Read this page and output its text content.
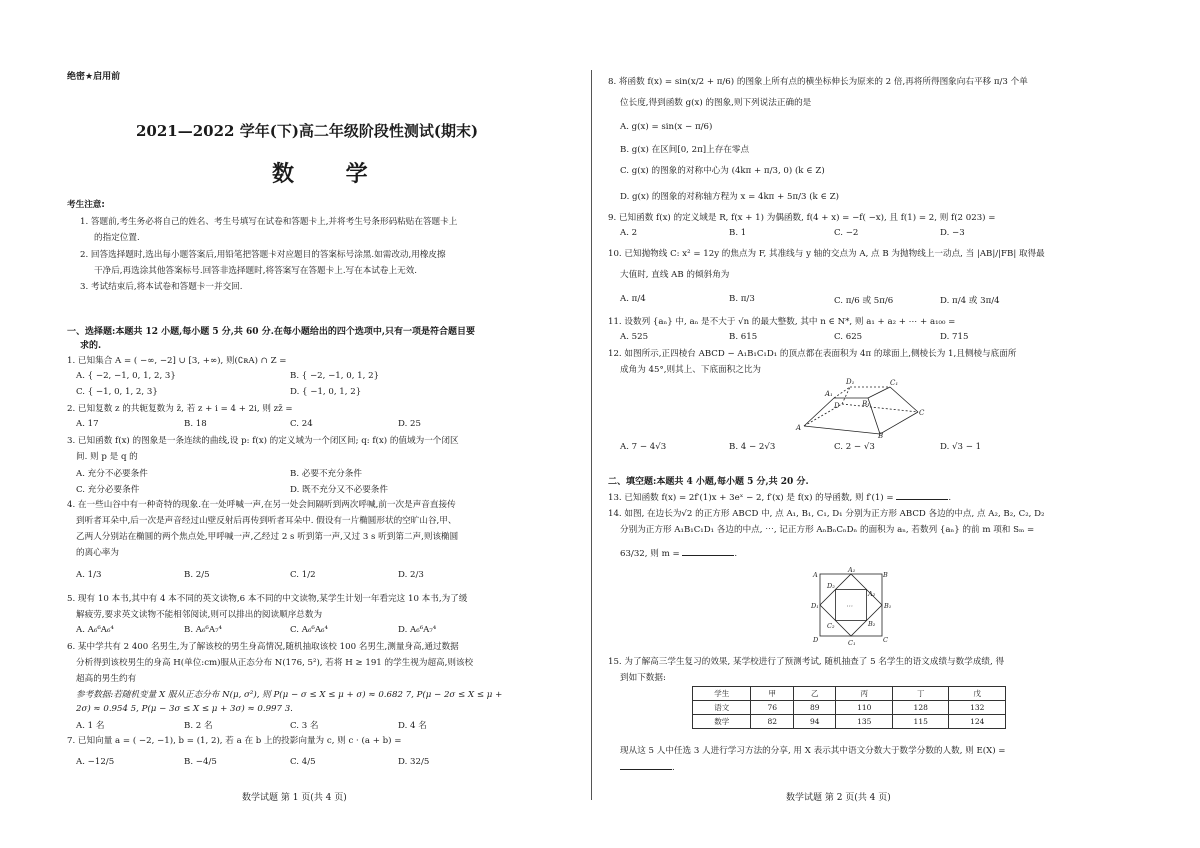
绝密★启用前
2021—2022 学年(下)高二年级阶段性测试(期末)
数 学
考生注意:
1. 答题前,考生务必将自己的姓名、考生号填写在试卷和答题卡上,并将考生号条形码粘贴在答题卡上
的指定位置.
2. 回答选择题时,选出每小题答案后,用铅笔把答题卡对应题目的答案标号涂黑.如需改动,用橡皮擦
干净后,再选涂其他答案标号.回答非选择题时,将答案写在答题卡上.写在本试卷上无效.
3. 考试结束后,将本试卷和答题卡一并交回.
一、选择题:本题共 12 小题,每小题 5 分,共 60 分.在每小题给出的四个选项中,只有一项是符合题目要
求的.
1. 已知集合 A = ( −∞, −2] ∪ [3, +∞), 则(∁ʀA) ∩ Z =
A. { −2, −1, 0, 1, 2, 3}	B. { −2, −1, 0, 1, 2}
C. { −1, 0, 1, 2, 3}	D. { −1, 0, 1, 2}
2. 已知复数 z 的共轭复数为 z̄, 若 z + i = 4 + 2i, 则 zz̄ =
A. 17	B. 18	C. 24	D. 25
3. 已知函数 f(x) 的图象是一条连续的曲线,设 p: f(x) 的定义域为一个闭区间; q: f(x) 的值域为一个闭区
间. 则 p 是 q 的
A. 充分不必要条件	B. 必要不充分条件
C. 充分必要条件	D. 既不充分又不必要条件
4. 在一些山谷中有一种奇特的现象.在一处呼喊一声,在另一处会间隔听到两次呼喊,前一次是声音直接传
到听者耳朵中,后一次是声音经过山壁反射后再传到听者耳朵中. 假设有一片椭圆形状的空旷山谷,甲、
乙两人分别站在椭圆的两个焦点处,甲呼喊一声,乙经过 2 s 听到第一声,又过 3 s 听到第二声,则该椭圆
的离心率为
A. 1/3	B. 2/5	C. 1/2	D. 2/3
5. 现有 10 本书,其中有 4 本不同的英文读物,6 本不同的中文读物,某学生计划一年看完这 10 本书,为了缓
解疲劳,要求英文读物不能相邻阅读,则可以排出的阅读顺序总数为
A. A₆⁶A₆⁴	B. A₆⁶A₇⁴	C. A₆⁶A₆⁴	D. A₆⁶A₇⁴
6. 某中学共有 2 400 名男生,为了解该校的男生身高情况,随机抽取该校 100 名男生,测量身高,通过数据
分析得到该校男生的身高 H(单位:cm)服从正态分布 N(176, 5²), 若将 H ≥ 191 的学生视为超高,则该校
超高的男生约有
参考数据:若随机变量 X 服从正态分布 N(μ, σ²), 则 P(μ − σ ≤ X ≤ μ + σ) ≈ 0.682 7, P(μ − 2σ ≤ X ≤ μ +
2σ) ≈ 0.954 5, P(μ − 3σ ≤ X ≤ μ + 3σ) ≈ 0.997 3.
A. 1 名	B. 2 名	C. 3 名	D. 4 名
7. 已知向量 a = ( −2, −1), b = (1, 2), 若 a 在 b 上的投影向量为 c, 则 c · (a + b) =
A. −12/5	B. −4/5	C. 4/5	D. 32/5
数学试题 第 1 页(共 4 页)
8. 将函数 f(x) = sin(x/2 + π/6) 的图象上所有点的横坐标伸长为原来的 2 倍,再将所得图象向右平移 π/3 个单
位长度,得到函数 g(x) 的图象,则下列说法正确的是
A. g(x) = sin(x − π/6)
B. g(x) 在区间[0, 2π]上存在零点
C. g(x) 的图象的对称中心为 (4kπ + π/3, 0) (k ∈ Z)
D. g(x) 的图象的对称轴方程为 x = 4kπ + 5π/3 (k ∈ Z)
9. 已知函数 f(x) 的定义域是 R, f(x + 1) 为偶函数, f(4 + x) = −f( −x), 且 f(1) = 2, 则 f(2 023) =
A. 2	B. 1	C. −2	D. −3
10. 已知抛物线 C: x² = 12y 的焦点为 F, 其准线与 y 轴的交点为 A, 点 B 为抛物线上一动点, 当 |AB|/|FB| 取得最
大值时, 直线 AB 的倾斜角为
A. π/4	B. π/3	C. π/6 或 5π/6	D. π/4 或 3π/4
11. 设数列 {aₙ} 中, aₙ 是不大于 √n 的最大整数, 其中 n ∈ N*, 则 a₁ + a₂ + ⋯ + a₁₀₀ =
A. 525	B. 615	C. 625	D. 715
12. 如图所示,正四棱台 ABCD − A₁B₁C₁D₁ 的顶点都在表面积为 4π 的球面上,侧棱长为 1,且侧棱与底面所
成角为 45°,则其上、下底面积之比为
A
B
C
D
A₁
B₁
C₁
D₁
A. 7 − 4√3	B. 4 − 2√3	C. 2 − √3	D. √3 − 1
二、填空题:本题共 4 小题,每小题 5 分,共 20 分.
13. 已知函数 f(x) = 2f′(1)x + 3eˣ − 2, f′(x) 是 f(x) 的导函数, 则 f′(1) =	.
14. 如图, 在边长为√2 的正方形 ABCD 中, 点 A₁, B₁, C₁, D₁ 分别为正方形 ABCD 各边的中点, 点 A₂, B₂, C₂, D₂
分别为正方形 A₁B₁C₁D₁ 各边的中点, ⋯, 记正方形 AₙBₙCₙDₙ 的面积为 aₙ, 若数列 {aₙ} 的前 m 项和 Sₘ =
63/32, 则 m =	.
A	B
C
D
A₁
B₁
C₁
D₁
D₂
A₂
B₂
C₂
⋯
15. 为了解高三学生复习的效果, 某学校进行了预测考试, 随机抽查了 5 名学生的语文成绩与数学成绩, 得
到如下数据:
学生	甲	乙	丙	丁	戊
语文	76	89	110	128	132
数学	82	94	135	115	124
现从这 5 人中任选 3 人进行学习方法的分享, 用 X 表示其中语文分数大于数学分数的人数, 则 E(X) =
.
数学试题 第 2 页(共 4 页)
